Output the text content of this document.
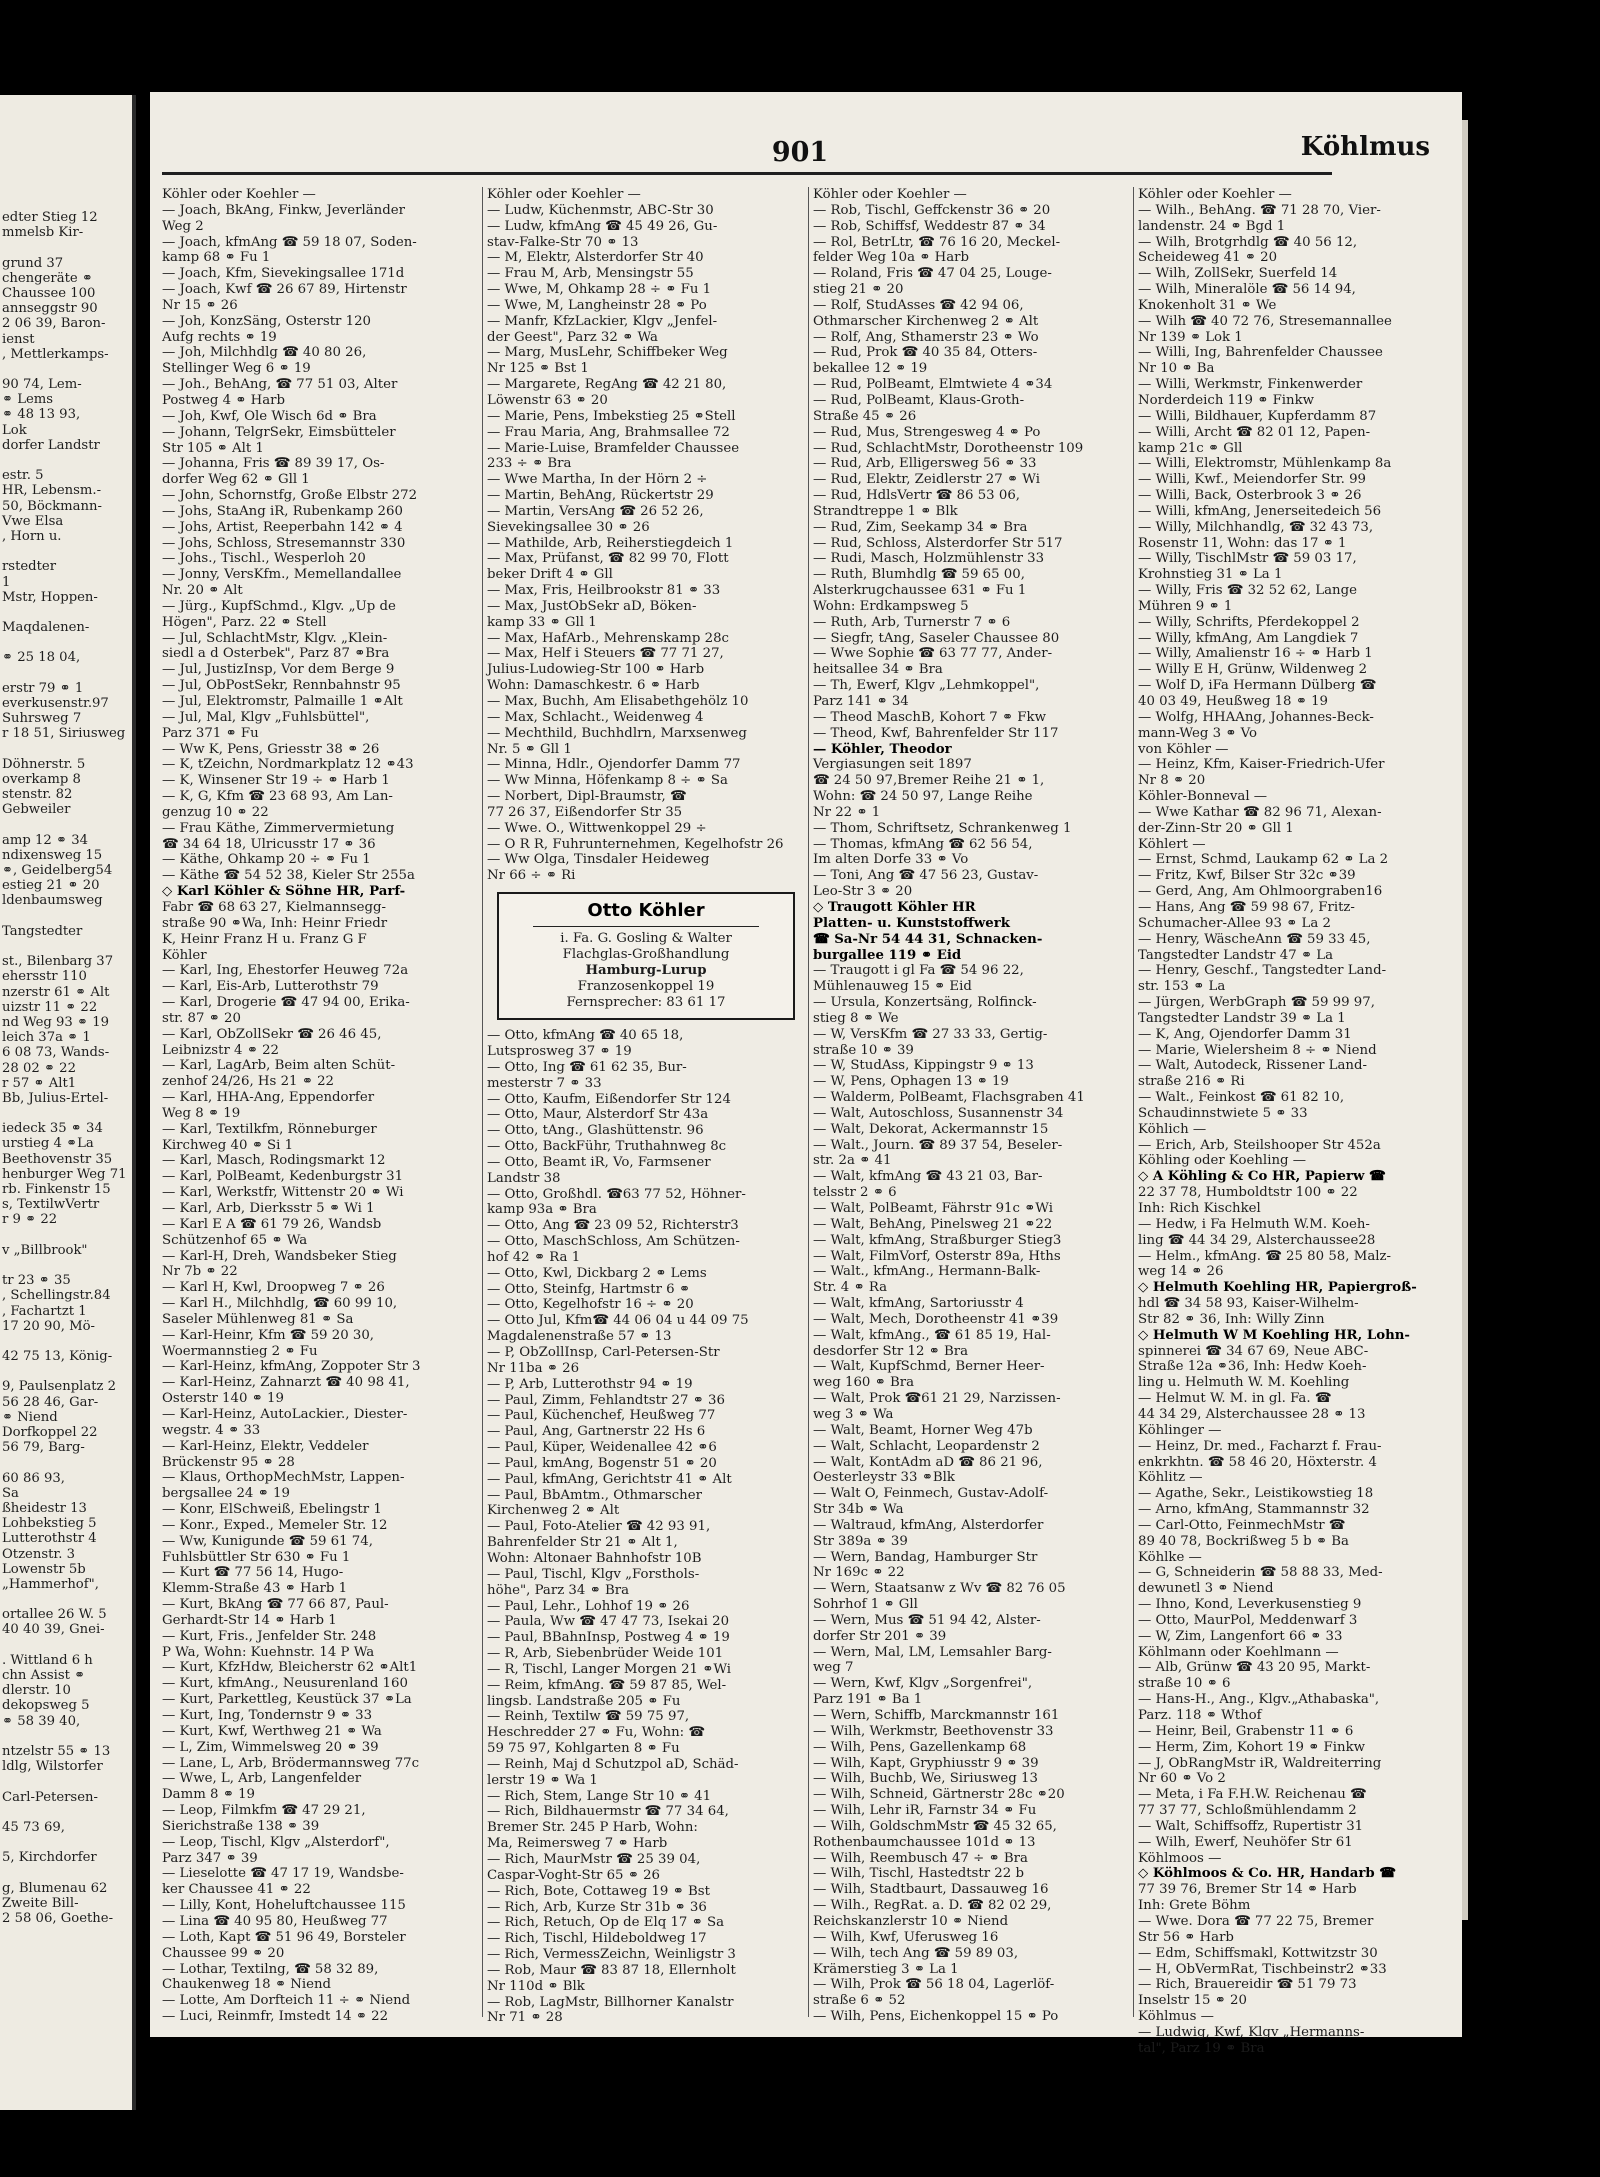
edter Stieg 12
mmelsb Kir-

grund 37
chengeräte ⚭
Chaussee 100
annseggstr 90
2 06 39, Baron-
ienst
, Mettlerkamps-

90 74, Lem-
⚭ Lems
⚭ 48 13 93,
Lok
dorfer Landstr

estr. 5
HR, Lebensm.-
50, Böckmann-
Vwe Elsa
, Horn u.

rstedter
1
Mstr, Hoppen-

Maqdalenen-

⚭ 25 18 04,

erstr 79 ⚭ 1
everkusenstr.97
Suhrsweg 7
r 18 51, Siriusweg

Döhnerstr. 5
overkamp 8
stenstr. 82
Gebweiler

amp 12 ⚭ 34
ndixensweg 15
⚭, Geidelberg54
estieg 21 ⚭ 20
ldenbaumsweg

Tangstedter

st., Bilenbarg 37
ehersstr 110
nzerstr 61 ⚭ Alt
uizstr 11 ⚭ 22
nd Weg 93 ⚭ 19
leich 37a ⚭ 1
6 08 73, Wands-
28 02 ⚭ 22
r 57 ⚭ Alt1
Bb, Julius-Ertel-

iedeck 35 ⚭ 34
urstieg 4 ⚭La
Beethovenstr 35
henburger Weg 71
rb. Finkenstr 15
s, TextilwVertr
r 9 ⚭ 22

v „Billbrook"

tr 23 ⚭ 35
, Schellingstr.84
, Fachartzt 1
17 20 90, Mö-

42 75 13, König-

9, Paulsenplatz 2
56 28 46, Gar-
⚭ Niend
Dorfkoppel 22
56 79, Barg-

60 86 93,
Sa
ßheidestr 13
Lohbekstieg 5
Lutterothstr 4
Otzenstr. 3
Lowenstr 5b
„Hammerhof",

ortallee 26 W. 5
40 40 39, Gnei-

. Wittland 6 h
chn Assist ⚭
dlerstr. 10
dekopsweg 5
⚭ 58 39 40,

ntzelstr 55 ⚭ 13
ldlg, Wilstorfer

Carl-Petersen-

45 73 69,

5, Kirchdorfer

g, Blumenau 62
Zweite Bill-
2 58 06, Goethe-
901	Köhlmus
Köhler oder Koehler —
— Joach, BkAng, Finkw, Jeverländer
Weg 2
— Joach, kfmAng ☎ 59 18 07, Soden-
kamp 68 ⚭ Fu 1
— Joach, Kfm, Sievekingsallee 171d
— Joach, Kwf ☎ 26 67 89, Hirtenstr
Nr 15 ⚭ 26
— Joh, KonzSäng, Osterstr 120
Aufg rechts ⚭ 19
— Joh, Milchhdlg ☎ 40 80 26,
Stellinger Weg 6 ⚭ 19
— Joh., BehAng, ☎ 77 51 03, Alter
Postweg 4 ⚭ Harb
— Joh, Kwf, Ole Wisch 6d ⚭ Bra
— Johann, TelgrSekr, Eimsbütteler
Str 105 ⚭ Alt 1
— Johanna, Fris ☎ 89 39 17, Os-
dorfer Weg 62 ⚭ Gll 1
— John, Schornstfg, Große Elbstr 272
— Johs, StaAng iR, Rubenkamp 260
— Johs, Artist, Reeperbahn 142 ⚭ 4
— Johs, Schloss, Stresemannstr 330
— Johs., Tischl., Wesperloh 20
— Jonny, VersKfm., Memellandallee
Nr. 20 ⚭ Alt
— Jürg., KupfSchmd., Klgv. „Up de
Högen", Parz. 22 ⚭ Stell
— Jul, SchlachtMstr, Klgv. „Klein-
siedl a d Osterbek", Parz 87 ⚭Bra
— Jul, JustizInsp, Vor dem Berge 9
— Jul, ObPostSekr, Rennbahnstr 95
— Jul, Elektromstr, Palmaille 1 ⚭Alt
— Jul, Mal, Klgv „Fuhlsbüttel",
Parz 371 ⚭ Fu
— Ww K, Pens, Griesstr 38 ⚭ 26
— K, tZeichn, Nordmarkplatz 12 ⚭43
— K, Winsener Str 19 ÷ ⚭ Harb 1
— K, G, Kfm ☎ 23 68 93, Am Lan-
genzug 10 ⚭ 22
— Frau Käthe, Zimmervermietung
☎ 34 64 18, Ulricusstr 17 ⚭ 36
— Käthe, Ohkamp 20 ÷ ⚭ Fu 1
— Käthe ☎ 54 52 38, Kieler Str 255a
◇ Karl Köhler & Söhne HR, Parf-
Fabr ☎ 68 63 27, Kielmannsegg-
straße 90 ⚭Wa, Inh: Heinr Friedr
K, Heinr Franz H u. Franz G F
Köhler
— Karl, Ing, Ehestorfer Heuweg 72a
— Karl, Eis-Arb, Lutterothstr 79
— Karl, Drogerie ☎ 47 94 00, Erika-
str. 87 ⚭ 20
— Karl, ObZollSekr ☎ 26 46 45,
Leibnizstr 4 ⚭ 22
— Karl, LagArb, Beim alten Schüt-
zenhof 24/26, Hs 21 ⚭ 22
— Karl, HHA-Ang, Eppendorfer
Weg 8 ⚭ 19
— Karl, Textilkfm, Rönneburger
Kirchweg 40 ⚭ Si 1
— Karl, Masch, Rodingsmarkt 12
— Karl, PolBeamt, Kedenburgstr 31
— Karl, Werkstfr, Wittenstr 20 ⚭ Wi
— Karl, Arb, Dierksstr 5 ⚭ Wi 1
— Karl E A ☎ 61 79 26, Wandsb
Schützenhof 65 ⚭ Wa
— Karl-H, Dreh, Wandsbeker Stieg
Nr 7b ⚭ 22
— Karl H, Kwl, Droopweg 7 ⚭ 26
— Karl H., Milchhdlg, ☎ 60 99 10,
Saseler Mühlenweg 81 ⚭ Sa
— Karl-Heinr, Kfm ☎ 59 20 30,
Woermannstieg 2 ⚭ Fu
— Karl-Heinz, kfmAng, Zoppoter Str 3
— Karl-Heinz, Zahnarzt ☎ 40 98 41,
Osterstr 140 ⚭ 19
— Karl-Heinz, AutoLackier., Diester-
wegstr. 4 ⚭ 33
— Karl-Heinz, Elektr, Veddeler
Brückenstr 95 ⚭ 28
— Klaus, OrthopMechMstr, Lappen-
bergsallee 24 ⚭ 19
— Konr, ElSchweiß, Ebelingstr 1
— Konr., Exped., Memeler Str. 12
— Ww, Kunigunde ☎ 59 61 74,
Fuhlsbüttler Str 630 ⚭ Fu 1
— Kurt ☎ 77 56 14, Hugo-
Klemm-Straße 43 ⚭ Harb 1
— Kurt, BkAng ☎ 77 66 87, Paul-
Gerhardt-Str 14 ⚭ Harb 1
— Kurt, Fris., Jenfelder Str. 248
P Wa, Wohn: Kuehnstr. 14 P Wa
— Kurt, KfzHdw, Bleicherstr 62 ⚭Alt1
— Kurt, kfmAng., Neusurenland 160
— Kurt, Parkettleg, Keustück 37 ⚭La
— Kurt, Ing, Tondernstr 9 ⚭ 33
— Kurt, Kwf, Werthweg 21 ⚭ Wa
— L, Zim, Wimmelsweg 20 ⚭ 39
— Lane, L, Arb, Brödermannsweg 77c
— Wwe, L, Arb, Langenfelder
Damm 8 ⚭ 19
— Leop, Filmkfm ☎ 47 29 21,
Sierichstraße 138 ⚭ 39
— Leop, Tischl, Klgv „Alsterdorf",
Parz 347 ⚭ 39
— Lieselotte ☎ 47 17 19, Wandsbe-
ker Chaussee 41 ⚭ 22
— Lilly, Kont, Hoheluftchaussee 115
— Lina ☎ 40 95 80, Heußweg 77
— Loth, Kapt ☎ 51 96 49, Borsteler
Chaussee 99 ⚭ 20
— Lothar, Textilng, ☎ 58 32 89,
Chaukenweg 18 ⚭ Niend
— Lotte, Am Dorfteich 11 ÷ ⚭ Niend
— Luci, Reinmfr, Imstedt 14 ⚭ 22
Köhler oder Koehler —
— Ludw, Küchenmstr, ABC-Str 30
— Ludw, kfmAng ☎ 45 49 26, Gu-
stav-Falke-Str 70 ⚭ 13
— M, Elektr, Alsterdorfer Str 40
— Frau M, Arb, Mensingstr 55
— Wwe, M, Ohkamp 28 ÷ ⚭ Fu 1
— Wwe, M, Langheinstr 28 ⚭ Po
— Manfr, KfzLackier, Klgv „Jenfel-
der Geest", Parz 32 ⚭ Wa
— Marg, MusLehr, Schiffbeker Weg
Nr 125 ⚭ Bst 1
— Margarete, RegAng ☎ 42 21 80,
Löwenstr 63 ⚭ 20
— Marie, Pens, Imbekstieg 25 ⚭Stell
— Frau Maria, Ang, Brahmsallee 72
— Marie-Luise, Bramfelder Chaussee
233 ÷ ⚭ Bra
— Wwe Martha, In der Hörn 2 ÷
— Martin, BehAng, Rückertstr 29
— Martin, VersAng ☎ 26 52 26,
Sievekingsallee 30 ⚭ 26
— Mathilde, Arb, Reiherstiegdeich 1
— Max, Prüfanst, ☎ 82 99 70, Flott
beker Drift 4 ⚭ Gll
— Max, Fris, Heilbrookstr 81 ⚭ 33
— Max, JustObSekr aD, Böken-
kamp 33 ⚭ Gll 1
— Max, HafArb., Mehrenskamp 28c
— Max, Helf i Steuers ☎ 77 71 27,
Julius-Ludowieg-Str 100 ⚭ Harb
Wohn: Damaschkestr. 6 ⚭ Harb
— Max, Buchh, Am Elisabethgehölz 10
— Max, Schlacht., Weidenweg 4
— Mechthild, Buchhdlrn, Marxsenweg
Nr. 5 ⚭ Gll 1
— Minna, Hdlr., Ojendorfer Damm 77
— Ww Minna, Höfenkamp 8 ÷ ⚭ Sa
— Norbert, Dipl-Braumstr, ☎
77 26 37, Eißendorfer Str 35
— Wwe. O., Wittwenkoppel 29 ÷
— O R R, Fuhrunternehmen, Kegelhofstr 26
— Ww Olga, Tinsdaler Heideweg
Nr 66 ÷ ⚭ Ri
Otto Köhler
i. Fa. G. Gosling & Walter
Flachglas-Großhandlung
Hamburg-Lurup
Franzosenkoppel 19
Fernsprecher: 83 61 17
— Otto, kfmAng ☎ 40 65 18,
Lutsprosweg 37 ⚭ 19
— Otto, Ing ☎ 61 62 35, Bur-
mesterstr 7 ⚭ 33
— Otto, Kaufm, Eißendorfer Str 124
— Otto, Maur, Alsterdorf Str 43a
— Otto, tAng., Glashüttenstr. 96
— Otto, BackFühr, Truthahnweg 8c
— Otto, Beamt iR, Vo, Farmsener
Landstr 38
— Otto, Großhdl. ☎63 77 52, Höhner-
kamp 93a ⚭ Bra
— Otto, Ang ☎ 23 09 52, Richterstr3
— Otto, MaschSchloss, Am Schützen-
hof 42 ⚭ Ra 1
— Otto, Kwl, Dickbarg 2 ⚭ Lems
— Otto, Steinfg, Hartmstr 6 ⚭
— Otto, Kegelhofstr 16 ÷ ⚭ 20
— Otto Jul, Kfm☎ 44 06 04 u 44 09 75
Magdalenenstraße 57 ⚭ 13
— P, ObZollInsp, Carl-Petersen-Str
Nr 11ba ⚭ 26
— P, Arb, Lutterothstr 94 ⚭ 19
— Paul, Zimm, Fehlandtstr 27 ⚭ 36
— Paul, Küchenchef, Heußweg 77
— Paul, Ang, Gartnerstr 22 Hs 6
— Paul, Küper, Weidenallee 42 ⚭6
— Paul, kmAng, Bogenstr 51 ⚭ 20
— Paul, kfmAng, Gerichtstr 41 ⚭ Alt
— Paul, BbAmtm., Othmarscher
Kirchenweg 2 ⚭ Alt
— Paul, Foto-Atelier ☎ 42 93 91,
Bahrenfelder Str 21 ⚭ Alt 1,
Wohn: Altonaer Bahnhofstr 10B
— Paul, Tischl, Klgv „Forsthols-
höhe", Parz 34 ⚭ Bra
— Paul, Lehr., Lohhof 19 ⚭ 26
— Paula, Ww ☎ 47 47 73, Isekai 20
— Paul, BBahnInsp, Postweg 4 ⚭ 19
— R, Arb, Siebenbrüder Weide 101
— R, Tischl, Langer Morgen 21 ⚭Wi
— Reim, kfmAng. ☎ 59 87 85, Wel-
lingsb. Landstraße 205 ⚭ Fu
— Reinh, Textilw ☎ 59 75 97,
Heschredder 27 ⚭ Fu, Wohn: ☎
59 75 97, Kohlgarten 8 ⚭ Fu
— Reinh, Maj d Schutzpol aD, Schäd-
lerstr 19 ⚭ Wa 1
— Rich, Stem, Lange Str 10 ⚭ 41
— Rich, Bildhauermstr ☎ 77 34 64,
Bremer Str. 245 P Harb, Wohn:
Ma, Reimersweg 7 ⚭ Harb
— Rich, MaurMstr ☎ 25 39 04,
Caspar-Voght-Str 65 ⚭ 26
— Rich, Bote, Cottaweg 19 ⚭ Bst
— Rich, Arb, Kurze Str 31b ⚭ 36
— Rich, Retuch, Op de Elq 17 ⚭ Sa
— Rich, Tischl, Hildeboldweg 17
— Rich, VermessZeichn, Weinligstr 3
— Rob, Maur ☎ 83 87 18, Ellernholt
Nr 110d ⚭ Blk
— Rob, LagMstr, Billhorner Kanalstr
Nr 71 ⚭ 28
Köhler oder Koehler —
— Rob, Tischl, Geffckenstr 36 ⚭ 20
— Rob, Schiffsf, Weddestr 87 ⚭ 34
— Rol, BetrLtr, ☎ 76 16 20, Meckel-
felder Weg 10a ⚭ Harb
— Roland, Fris ☎ 47 04 25, Louge-
stieg 21 ⚭ 20
— Rolf, StudAsses ☎ 42 94 06,
Othmarscher Kirchenweg 2 ⚭ Alt
— Rolf, Ang, Sthamerstr 23 ⚭ Wo
— Rud, Prok ☎ 40 35 84, Otters-
bekallee 12 ⚭ 19
— Rud, PolBeamt, Elmtwiete 4 ⚭34
— Rud, PolBeamt, Klaus-Groth-
Straße 45 ⚭ 26
— Rud, Mus, Strengesweg 4 ⚭ Po
— Rud, SchlachtMstr, Dorotheenstr 109
— Rud, Arb, Elligersweg 56 ⚭ 33
— Rud, Elektr, Zeidlerstr 27 ⚭ Wi
— Rud, HdlsVertr ☎ 86 53 06,
Strandtreppe 1 ⚭ Blk
— Rud, Zim, Seekamp 34 ⚭ Bra
— Rud, Schloss, Alsterdorfer Str 517
— Rudi, Masch, Holzmühlenstr 33
— Ruth, Blumhdlg ☎ 59 65 00,
Alsterkrugchaussee 631 ⚭ Fu 1
Wohn: Erdkampsweg 5
— Ruth, Arb, Turnerstr 7 ⚭ 6
— Siegfr, tAng, Saseler Chaussee 80
— Wwe Sophie ☎ 63 77 77, Ander-
heitsallee 34 ⚭ Bra
— Th, Ewerf, Klgv „Lehmkoppel",
Parz 141 ⚭ 34
— Theod MaschB, Kohort 7 ⚭ Fkw
— Theod, Kwf, Bahrenfelder Str 117
— Köhler, Theodor
Vergiasungen seit 1897
☎ 24 50 97,Bremer Reihe 21 ⚭ 1,
Wohn: ☎ 24 50 97, Lange Reihe
Nr 22 ⚭ 1
— Thom, Schriftsetz, Schrankenweg 1
— Thomas, kfmAng ☎ 62 56 54,
Im alten Dorfe 33 ⚭ Vo
— Toni, Ang ☎ 47 56 23, Gustav-
Leo-Str 3 ⚭ 20
◇ Traugott Köhler HR
Platten- u. Kunststoffwerk
☎ Sa-Nr 54 44 31, Schnacken-
burgallee 119 ⚭ Eid
— Traugott i gl Fa ☎ 54 96 22,
Mühlenauweg 15 ⚭ Eid
— Ursula, Konzertsäng, Rolfinck-
stieg 8 ⚭ We
— W, VersKfm ☎ 27 33 33, Gertig-
straße 10 ⚭ 39
— W, StudAss, Kippingstr 9 ⚭ 13
— W, Pens, Ophagen 13 ⚭ 19
— Walderm, PolBeamt, Flachsgraben 41
— Walt, Autoschloss, Susannenstr 34
— Walt, Dekorat, Ackermannstr 15
— Walt., Journ. ☎ 89 37 54, Beseler-
str. 2a ⚭ 41
— Walt, kfmAng ☎ 43 21 03, Bar-
telsstr 2 ⚭ 6
— Walt, PolBeamt, Fährstr 91c ⚭Wi
— Walt, BehAng, Pinelsweg 21 ⚭22
— Walt, kfmAng, Straßburger Stieg3
— Walt, FilmVorf, Osterstr 89a, Hths
— Walt., kfmAng., Hermann-Balk-
Str. 4 ⚭ Ra
— Walt, kfmAng, Sartoriusstr 4
— Walt, Mech, Dorotheenstr 41 ⚭39
— Walt, kfmAng., ☎ 61 85 19, Hal-
desdorfer Str 12 ⚭ Bra
— Walt, KupfSchmd, Berner Heer-
weg 160 ⚭ Bra
— Walt, Prok ☎61 21 29, Narzissen-
weg 3 ⚭ Wa
— Walt, Beamt, Horner Weg 47b
— Walt, Schlacht, Leopardenstr 2
— Walt, KontAdm aD ☎ 86 21 96,
Oesterleystr 33 ⚭Blk
— Walt O, Feinmech, Gustav-Adolf-
Str 34b ⚭ Wa
— Waltraud, kfmAng, Alsterdorfer
Str 389a ⚭ 39
— Wern, Bandag, Hamburger Str
Nr 169c ⚭ 22
— Wern, Staatsanw z Wv ☎ 82 76 05
Sohrhof 1 ⚭ Gll
— Wern, Mus ☎ 51 94 42, Alster-
dorfer Str 201 ⚭ 39
— Wern, Mal, LM, Lemsahler Barg-
weg 7
— Wern, Kwf, Klgv „Sorgenfrei",
Parz 191 ⚭ Ba 1
— Wern, Schiffb, Marckmannstr 161
— Wilh, Werkmstr, Beethovenstr 33
— Wilh, Pens, Gazellenkamp 68
— Wilh, Kapt, Gryphiusstr 9 ⚭ 39
— Wilh, Buchb, We, Siriusweg 13
— Wilh, Schneid, Gärtnerstr 28c ⚭20
— Wilh, Lehr iR, Farnstr 34 ⚭ Fu
— Wilh, GoldschmMstr ☎ 45 32 65,
Rothenbaumchaussee 101d ⚭ 13
— Wilh, Reembusch 47 ÷ ⚭ Bra
— Wilh, Tischl, Hastedtstr 22 b
— Wilh, Stadtbaurt, Dassauweg 16
— Wilh., RegRat. a. D. ☎ 82 02 29,
Reichskanzlerstr 10 ⚭ Niend
— Wilh, Kwf, Uferusweg 16
— Wilh, tech Ang ☎ 59 89 03,
Krämerstieg 3 ⚭ La 1
— Wilh, Prok ☎ 56 18 04, Lagerlöf-
straße 6 ⚭ 52
— Wilh, Pens, Eichenkoppel 15 ⚭ Po
Köhler oder Koehler —
— Wilh., BehAng. ☎ 71 28 70, Vier-
landenstr. 24 ⚭ Bgd 1
— Wilh, Brotgrhdlg ☎ 40 56 12,
Scheideweg 41 ⚭ 20
— Wilh, ZollSekr, Suerfeld 14
— Wilh, Mineralöle ☎ 56 14 94,
Knokenholt 31 ⚭ We
— Wilh ☎ 40 72 76, Stresemannallee
Nr 139 ⚭ Lok 1
— Willi, Ing, Bahrenfelder Chaussee
Nr 10 ⚭ Ba
— Willi, Werkmstr, Finkenwerder
Norderdeich 119 ⚭ Finkw
— Willi, Bildhauer, Kupferdamm 87
— Willi, Archt ☎ 82 01 12, Papen-
kamp 21c ⚭ Gll
— Willi, Elektromstr, Mühlenkamp 8a
— Willi, Kwf., Meiendorfer Str. 99
— Willi, Back, Osterbrook 3 ⚭ 26
— Willi, kfmAng, Jenerseitedeich 56
— Willy, Milchhandlg, ☎ 32 43 73,
Rosenstr 11, Wohn: das 17 ⚭ 1
— Willy, TischlMstr ☎ 59 03 17,
Krohnstieg 31 ⚭ La 1
— Willy, Fris ☎ 32 52 62, Lange
Mühren 9 ⚭ 1
— Willy, Schrifts, Pferdekoppel 2
— Willy, kfmAng, Am Langdiek 7
— Willy, Amalienstr 16 ÷ ⚭ Harb 1
— Willy E H, Grünw, Wildenweg 2
— Wolf D, iFa Hermann Dülberg ☎
40 03 49, Heußweg 18 ⚭ 19
— Wolfg, HHAAng, Johannes-Beck-
mann-Weg 3 ⚭ Vo
von Köhler —
— Heinz, Kfm, Kaiser-Friedrich-Ufer
Nr 8 ⚭ 20
Köhler-Bonneval —
— Wwe Kathar ☎ 82 96 71, Alexan-
der-Zinn-Str 20 ⚭ Gll 1
Köhlert —
— Ernst, Schmd, Laukamp 62 ⚭ La 2
— Fritz, Kwf, Bilser Str 32c ⚭39
— Gerd, Ang, Am Ohlmoorgraben16
— Hans, Ang ☎ 59 98 67, Fritz-
Schumacher-Allee 93 ⚭ La 2
— Henry, WäscheAnn ☎ 59 33 45,
Tangstedter Landstr 47 ⚭ La
— Henry, Geschf., Tangstedter Land-
str. 153 ⚭ La
— Jürgen, WerbGraph ☎ 59 99 97,
Tangstedter Landstr 39 ⚭ La 1
— K, Ang, Ojendorfer Damm 31
— Marie, Wielersheim 8 ÷ ⚭ Niend
— Walt, Autodeck, Rissener Land-
straße 216 ⚭ Ri
— Walt., Feinkost ☎ 61 82 10,
Schaudinnstwiete 5 ⚭ 33
Köhlich —
— Erich, Arb, Steilshooper Str 452a
Köhling oder Koehling —
◇ A Köhling & Co HR, Papierw ☎
22 37 78, Humboldtstr 100 ⚭ 22
Inh: Rich Kischkel
— Hedw, i Fa Helmuth W.M. Koeh-
ling ☎ 44 34 29, Alsterchaussee28
— Helm., kfmAng. ☎ 25 80 58, Malz-
weg 14 ⚭ 26
◇ Helmuth Koehling HR, Papiergroß-
hdl ☎ 34 58 93, Kaiser-Wilhelm-
Str 82 ⚭ 36, Inh: Willy Zinn
◇ Helmuth W M Koehling HR, Lohn-
spinnerei ☎ 34 67 69, Neue ABC-
Straße 12a ⚭36, Inh: Hedw Koeh-
ling u. Helmuth W. M. Koehling
— Helmut W. M. in gl. Fa. ☎
44 34 29, Alsterchaussee 28 ⚭ 13
Köhlinger —
— Heinz, Dr. med., Facharzt f. Frau-
enkrkhtn. ☎ 58 46 20, Höxterstr. 4
Köhlitz —
— Agathe, Sekr., Leistikowstieg 18
— Arno, kfmAng, Stammannstr 32
— Carl-Otto, FeinmechMstr ☎
89 40 78, Bockrißweg 5 b ⚭ Ba
Köhlke —
— G, Schneiderin ☎ 58 88 33, Med-
dewunetl 3 ⚭ Niend
— Ihno, Kond, Leverkusenstieg 9
— Otto, MaurPol, Meddenwarf 3
— W, Zim, Langenfort 66 ⚭ 33
Köhlmann oder Koehlmann —
— Alb, Grünw ☎ 43 20 95, Markt-
straße 10 ⚭ 6
— Hans-H., Ang., Klgv.„Athabaska",
Parz. 118 ⚭ Wthof
— Heinr, Beil, Grabenstr 11 ⚭ 6
— Herm, Zim, Kohort 19 ⚭ Finkw
— J, ObRangMstr iR, Waldreiterring
Nr 60 ⚭ Vo 2
— Meta, i Fa F.H.W. Reichenau ☎
77 37 77, Schloßmühlendamm 2
— Walt, Schiffsoffz, Rupertistr 31
— Wilh, Ewerf, Neuhöfer Str 61
Köhlmoos —
◇ Köhlmoos & Co. HR, Handarb ☎
77 39 76, Bremer Str 14 ⚭ Harb
Inh: Grete Böhm
— Wwe. Dora ☎ 77 22 75, Bremer
Str 56 ⚭ Harb
— Edm, Schiffsmakl, Kottwitzstr 30
— H, ObVermRat, Tischbeinstr2 ⚭33
— Rich, Brauereidir ☎ 51 79 73
Inselstr 15 ⚭ 20
Köhlmus —
— Ludwig, Kwf, Klgv „Hermanns-
tal", Parz 19 ⚭ Bra
